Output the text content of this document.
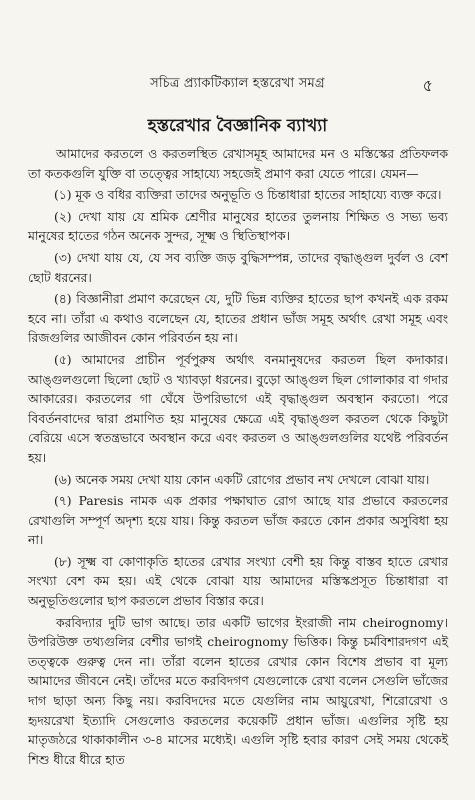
সচিত্র প্র্যাকটিক্যাল হস্তরেখা সমগ্র	৫
হস্তরেখার বৈজ্ঞানিক ব্যাখ্যা

আমাদের করতলে ও করতলস্থিত রেখাসমূহ আমাদের মন ও মস্তিস্কের প্রতিফলক তা কতকগুলি যুক্তি বা তত্ত্বের সাহায্যে সহজেই প্রমাণ করা যেতে পারে। যেমন—

(১) মূক ও বধির ব্যক্তিরা তাদের অনুভূতি ও চিন্তাধারা হাতের সাহায্যে ব্যক্ত করে।

(২) দেখা যায় যে শ্রমিক শ্রেণীর মানুষের হাতের তুলনায় শিক্ষিত ও সভ্য ভব্য মানুষের হাতের গঠন অনেক সুন্দর, সূক্ষ্ম ও স্থিতিস্থাপক।

(৩) দেখা যায় যে, যে সব ব্যক্তি জড় বুদ্ধিসম্পন্ন, তাদের বৃদ্ধাঙ্গুল দুর্বল ও বেশ ছোট ধরনের।

(৪) বিজ্ঞানীরা প্রমাণ করেছেন যে, দুটি ভিন্ন ব্যক্তির হাতের ছাপ কখনই এক রকম হবে না। তাঁরা এ কথাও বলেছেন যে, হাতের প্রধান ভাঁজ সমূহ অর্থাৎ রেখা সমূহ এবং রিজগুলির আজীবন কোন পরিবর্তন হয় না।

(৫) আমাদের প্রাচীন পূর্বপুরুষ অর্থাৎ বনমানুষদের করতল ছিল কদাকার। আঙ্গুলগুলো ছিলো ছোট ও খ্যাবড়া ধরনের। বুড়ো আঙ্গুল ছিল গোলাকার বা গদার আকারের। করতলের গা ঘেঁষে উপরিভাগে এই বৃদ্ধাঙ্গুল অবস্থান করতো। পরে বিবর্তনবাদের দ্বারা প্রমাণিত হয় মানুষের ক্ষেত্রে এই বৃদ্ধাঙ্গুল করতল থেকে কিছুটা বেরিয়ে এসে স্বতন্ত্রভাবে অবস্থান করে এবং করতল ও আঙ্গুলগুলির যথেষ্ট পরিবর্তন হয়।

(৬) অনেক সময় দেখা যায় কোন একটি রোগের প্রভাব নখ দেখলে বোঝা যায়।

(৭) Paresis নামক এক প্রকার পক্ষাঘাত রোগ আছে যার প্রভাবে করতলের রেখাগুলি সম্পূর্ণ অদৃশ্য হয়ে যায়। কিন্তু করতল ভাঁজ করতে কোন প্রকার অসুবিধা হয় না।

(৮) সূক্ষ্ম বা কোণাকৃতি হাতের রেখার সংখ্যা বেশী হয় কিন্তু বাস্তব হাতে রেখার সংখ্যা বেশ কম হয়। এই থেকে বোঝা যায় আমাদের মস্তিস্কপ্রসূত চিন্তাধারা বা অনুভূতিগুলোর ছাপ করতলে প্রভাব বিস্তার করে।

করবিদ্যার দুটি ভাগ আছে। তার একটি ভাগের ইংরাজী নাম cheirognomy। উপরিউক্ত তথ্যগুলির বেশীর ভাগই cheirognomy ভিত্তিক। কিন্তু চর্মবিশারদগণ এই তত্ত্বকে গুরুত্ব দেন না। তাঁরা বলেন হাতের রেখার কোন বিশেষ প্রভাব বা মূল্য আমাদের জীবনে নেই। তাঁদের মতে করবিদগণ যেগুলোকে রেখা বলেন সেগুলি ভাঁজের দাগ ছাড়া অন্য কিছু নয়। করবিদদের মতে যেগুলির নাম আয়ুরেখা, শিরোরেখা ও হৃদয়রেখা ইত্যাদি সেগুলোও করতলের কয়েকটি প্রধান ভাঁজ। এগুলির সৃষ্টি হয় মাতৃজঠরে থাকাকালীন ৩-৪ মাসের মধ্যেই। এগুলি সৃষ্টি হবার কারণ সেই সময় থেকেই শিশু ধীরে ধীরে হাত
